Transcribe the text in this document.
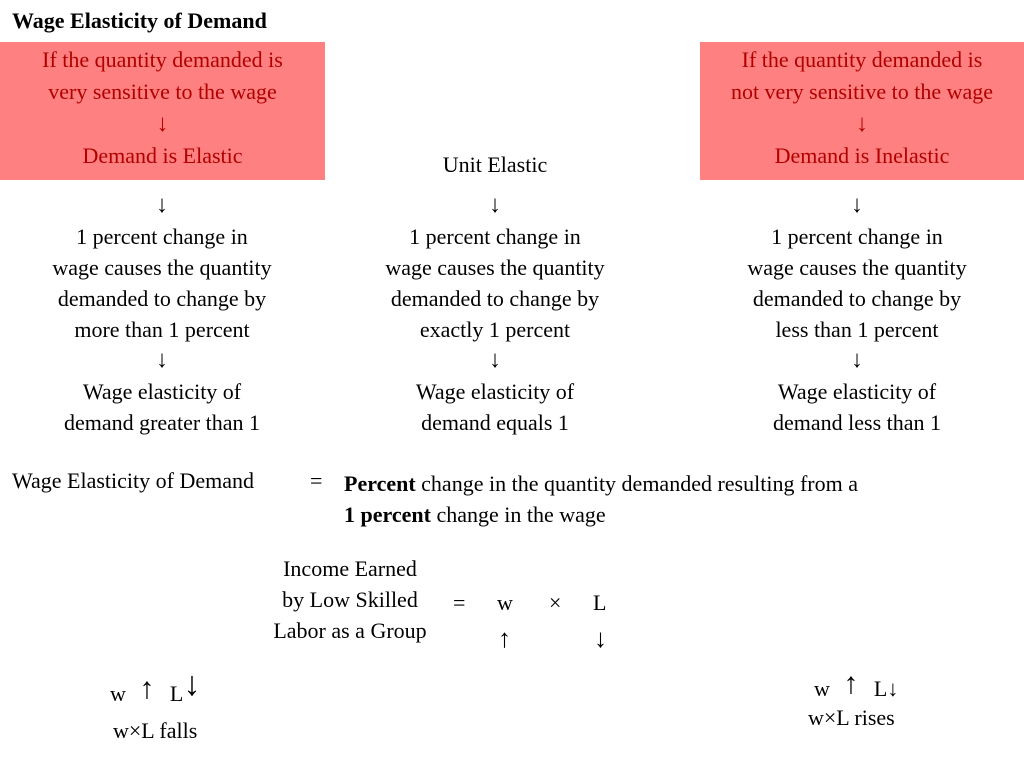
Wage Elasticity of Demand
If the quantity demanded is
very sensitive to the wage
↓
Demand is Elastic
If the quantity demanded is
not very sensitive to the wage
↓
Demand is Inelastic
Unit Elastic
↓
1 percent change in
wage causes the quantity
demanded to change by
more than 1 percent
↓
Wage elasticity of
demand greater than 1
↓
1 percent change in
wage causes the quantity
demanded to change by
exactly 1 percent
↓
Wage elasticity of
demand equals 1
↓
1 percent change in
wage causes the quantity
demanded to change by
less than 1 percent
↓
Wage elasticity of
demand less than 1
Wage Elasticity of Demand	= Percent change in the quantity demanded resulting from a
1 percent change in the wage
Income Earned
by Low Skilled
Labor as a Group
= w × L
↑	↓
w ↑ L↓
w×L falls
w ↑ L↓
w×L rises
